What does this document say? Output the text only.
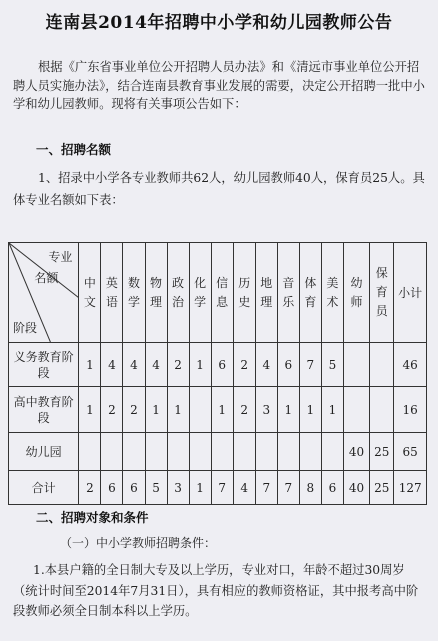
连南县2014年招聘中小学和幼儿园教师公告
根据《广东省事业单位公开招聘人员办法》和《清远市事业单位公开招聘人员实施办法》，结合连南县教育事业发展的需要，决定公开招聘一批中小学和幼儿园教师。现将有关事项公告如下：
一、招聘名额
1、招录中小学各专业教师共62人，幼儿园教师40人，保育员25人。具体专业名额如下表：
专业
名额
阶段	中文	英语	数学	物理	政治	化学	信息	历史	地理	音乐	体育	美术	幼师	保育员	小计
义务教育阶段	1	4	4	4	2	1	6	2	4	6	7	5			46
高中教育阶段	1	2	2	1	1		1	2	3	1	1	1			16
幼儿园													40	25	65
合计	2	6	6	5	3	1	7	4	7	7	8	6	40	25	127
二、招聘对象和条件
（一）中小学教师招聘条件：
1.本县户籍的全日制大专及以上学历，专业对口，年龄不超过30周岁（统计时间至2014年7月31日），具有相应的教师资格证，其中报考高中阶段教师必须全日制本科以上学历。
